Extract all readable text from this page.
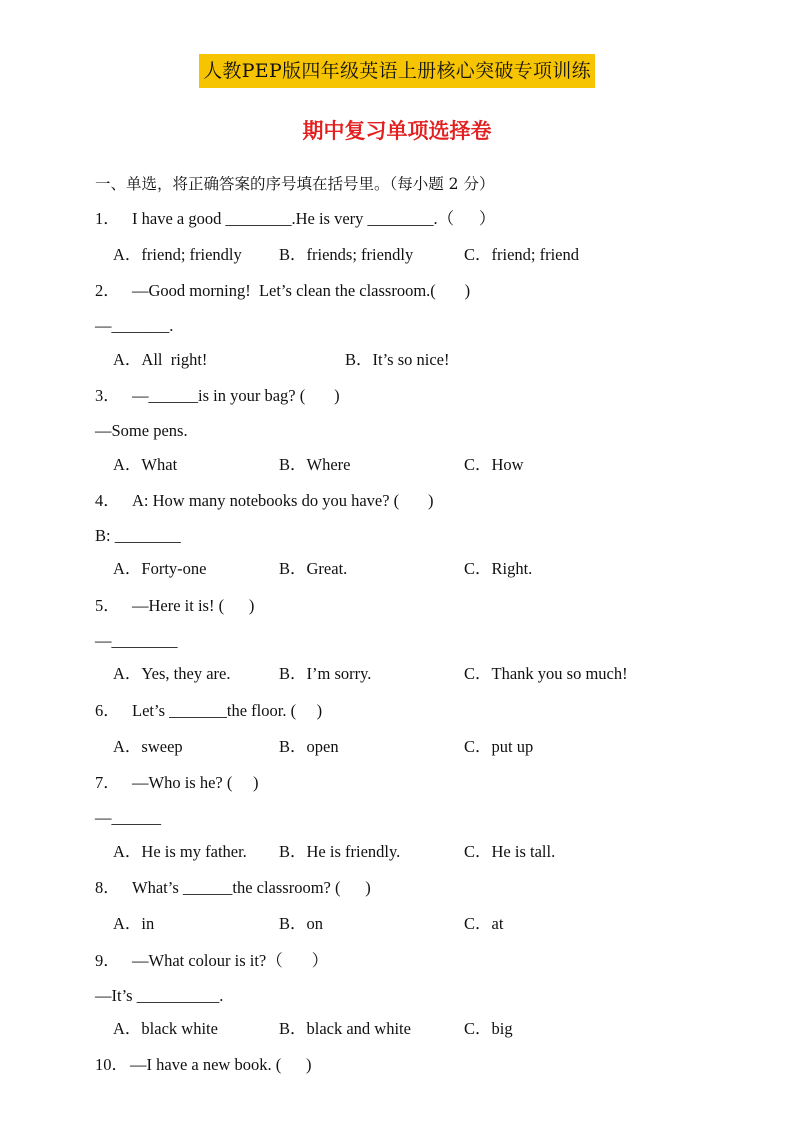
人教PEP版四年级英语上册核心突破专项训练
期中复习单项选择卷
一、单选，将正确答案的序号填在括号里。（每小题 2 分）
1． I have a good ________.He is very ________.（      ）
A．friend; friendly B．friends; friendly	C．friend; friend
2． —Good morning!  Let’s clean the classroom.(       )
—_______.
A．All  right!	B．It’s so nice!
3． —______is in your bag? (       )
—Some pens.
A．What	B．Where	C．How
4． A: How many notebooks do you have? (       )
B: ________
A．Forty-one	B．Great.	C．Right.
5． —Here it is! (      )
—________
A．Yes, they are.	B．I’m sorry.	C．Thank you so much!
6． Let’s _______the floor. (     )
A．sweep	B．open	C．put up
7． —Who is he? (     )
—______
A．He is my father. B．He is friendly.	C．He is tall.
8． What’s ______the classroom? (      )
A．in	B．on	C．at
9． —What colour is it?（       ）
—It’s __________.
A．black white	B．black and white	C．big
10． —I have a new book. (      )
